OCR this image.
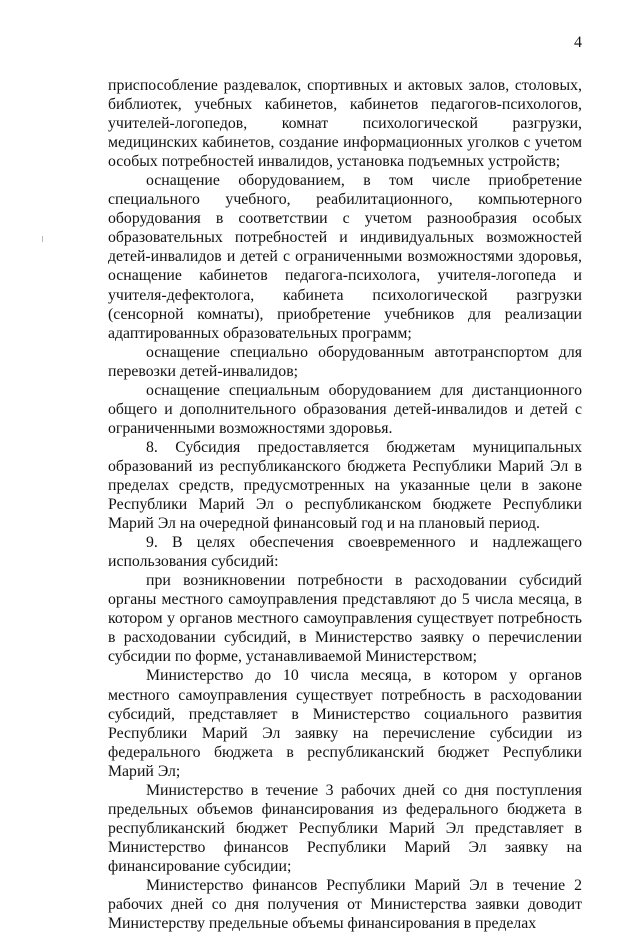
4

приспособление раздевалок, спортивных и актовых залов, столовых, библиотек, учебных кабинетов, кабинетов педагогов-психологов, учителей-логопедов, комнат психологической разгрузки, медицинских кабинетов, создание информационных уголков с учетом особых потребностей инвалидов, установка подъемных устройств;

оснащение оборудованием, в том числе приобретение специального учебного, реабилитационного, компьютерного оборудования в соответствии с учетом разнообразия особых образовательных потребностей и индивидуальных возможностей детей-инвалидов и детей с ограниченными возможностями здоровья, оснащение кабинетов педагога-психолога, учителя-логопеда и учителя-дефектолога, кабинета психологической разгрузки (сенсорной комнаты), приобретение учебников для реализации адаптированных образовательных программ;

оснащение специально оборудованным автотранспортом для перевозки детей-инвалидов;

оснащение специальным оборудованием для дистанционного общего и дополнительного образования детей-инвалидов и детей с ограниченными возможностями здоровья.

8. Субсидия предоставляется бюджетам муниципальных образований из республиканского бюджета Республики Марий Эл в пределах средств, предусмотренных на указанные цели в законе Республики Марий Эл о республиканском бюджете Республики Марий Эл на очередной финансовый год и на плановый период.

9. В целях обеспечения своевременного и надлежащего использования субсидий:

при возникновении потребности в расходовании субсидий органы местного самоуправления представляют до 5 числа месяца, в котором у органов местного самоуправления существует потребность в расходовании субсидий, в Министерство заявку о перечислении субсидии по форме, устанавливаемой Министерством;

Министерство до 10 числа месяца, в котором у органов местного самоуправления существует потребность в расходовании субсидий, представляет в Министерство социального развития Республики Марий Эл заявку на перечисление субсидии из федерального бюджета в республиканский бюджет Республики Марий Эл;

Министерство в течение 3 рабочих дней со дня поступления предельных объемов финансирования из федерального бюджета в республиканский бюджет Республики Марий Эл представляет в Министерство финансов Республики Марий Эл заявку на финансирование субсидии;

Министерство финансов Республики Марий Эл в течение 2 рабочих дней со дня получения от Министерства заявки доводит Министерству предельные объемы финансирования в пределах
